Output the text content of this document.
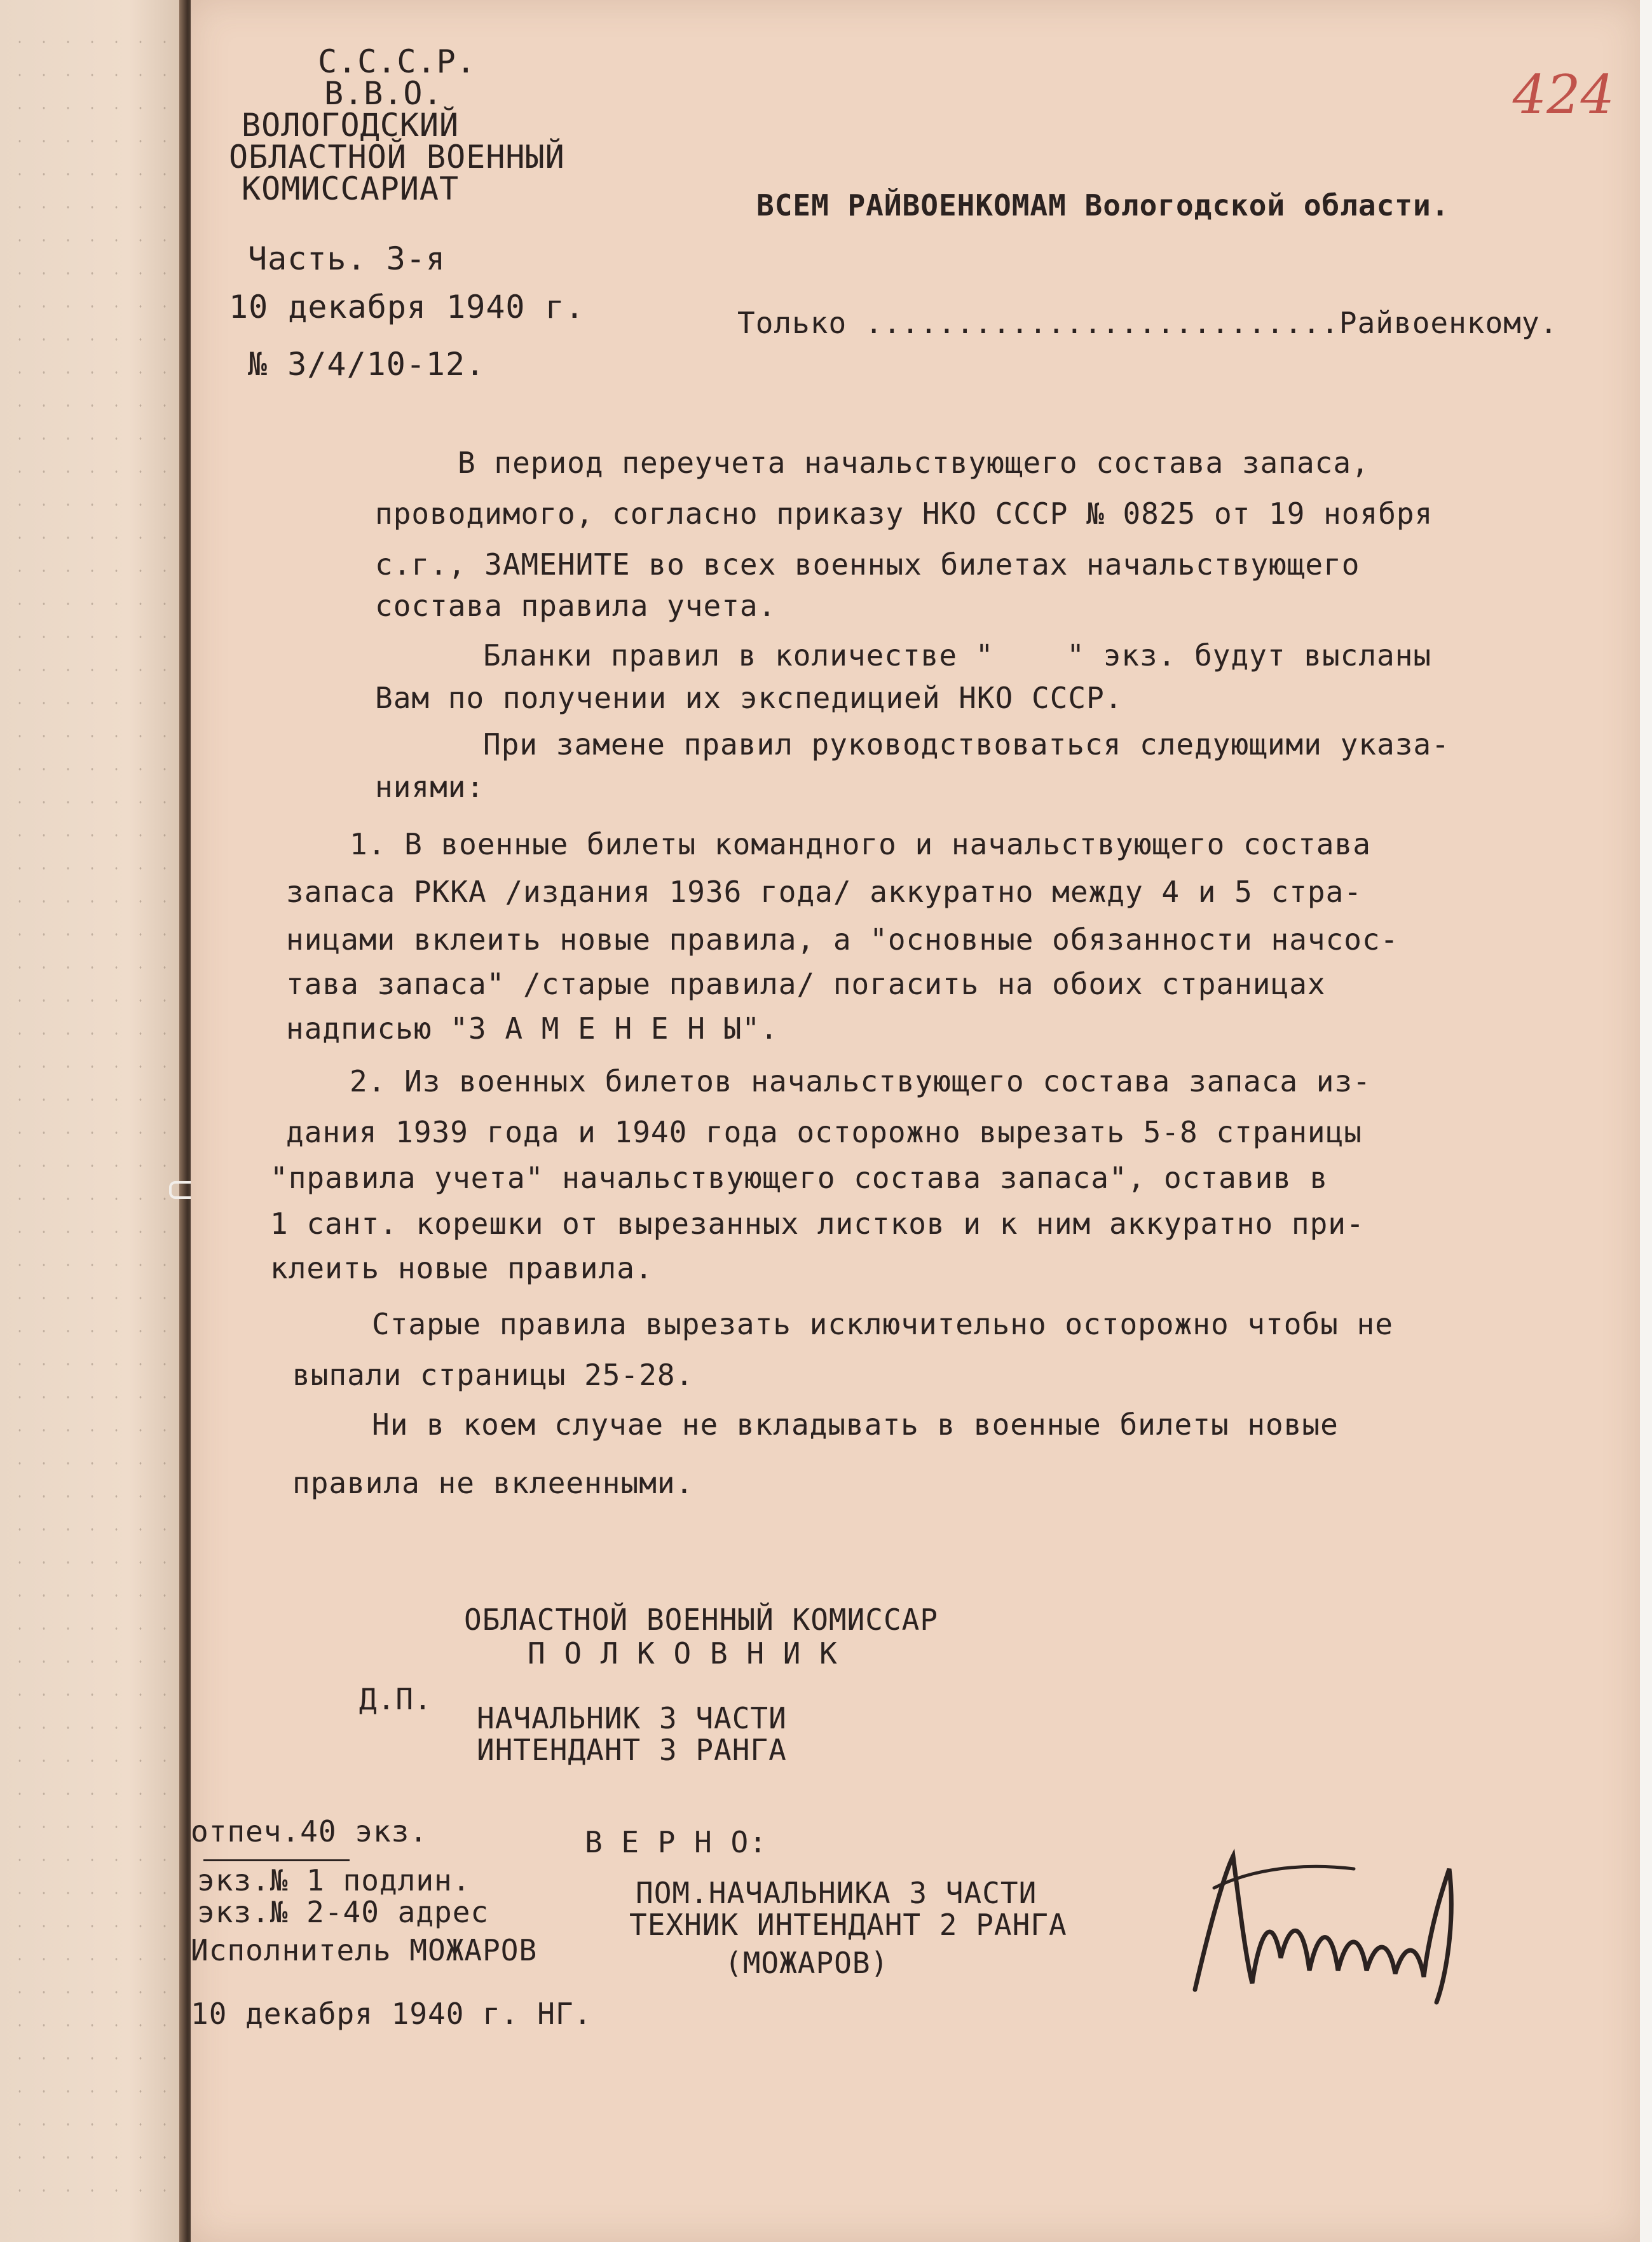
424
С.С.С.Р.
В.В.О.
ВОЛОГОДСКИЙ
ОБЛАСТНОЙ ВОЕННЫЙ
КОМИССАРИАТ
Часть. 3-я
10 декабря 1940 г.
№ 3/4/10-12.
ВСЕМ РАЙВОЕНКОМАМ Вологодской области.
Только ..........................Райвоенкому.
В период переучета начальствующего состава запаса,
проводимого, согласно приказу НКО СССР № 0825 от 19 ноября
с.г., ЗАМЕНИТЕ во всех военных билетах начальствующего
состава правила учета.
Бланки правил в количестве "    " экз. будут высланы
Вам по получении их экспедицией НКО СССР.
При замене правил руководствоваться следующими указа-
ниями:
1. В военные билеты командного и начальствующего состава
запаса РККА /издания 1936 года/ аккуратно между 4 и 5 стра-
ницами вклеить новые правила, а "основные обязанности начсос-
тава запаса" /старые правила/ погасить на обоих страницах
надписью "З А М Е Н Е Н Ы".
2. Из военных билетов начальствующего состава запаса из-
дания 1939 года и 1940 года осторожно вырезать 5-8 страницы
"правила учета" начальствующего состава запаса", оставив в
1 сант. корешки от вырезанных листков и к ним аккуратно при-
клеить новые правила.
Старые правила вырезать исключительно осторожно чтобы не
выпали страницы 25-28.
Ни в коем случае не вкладывать в военные билеты новые
правила не вклеенными.
ОБЛАСТНОЙ ВОЕННЫЙ КОМИССАР
П О Л К О В Н И К
Д.П.
НАЧАЛЬНИК 3 ЧАСТИ
ИНТЕНДАНТ 3 РАНГА
отпеч.40 экз.	В Е Р Н О:
экз.№ 1 подлин.
экз.№ 2-40 адрес
ПОМ.НАЧАЛЬНИКА 3 ЧАСТИ
ТЕХНИК ИНТЕНДАНТ 2 РАНГА
Исполнитель МОЖАРОВ	(МОЖАРОВ)
10 декабря 1940 г. НГ.
